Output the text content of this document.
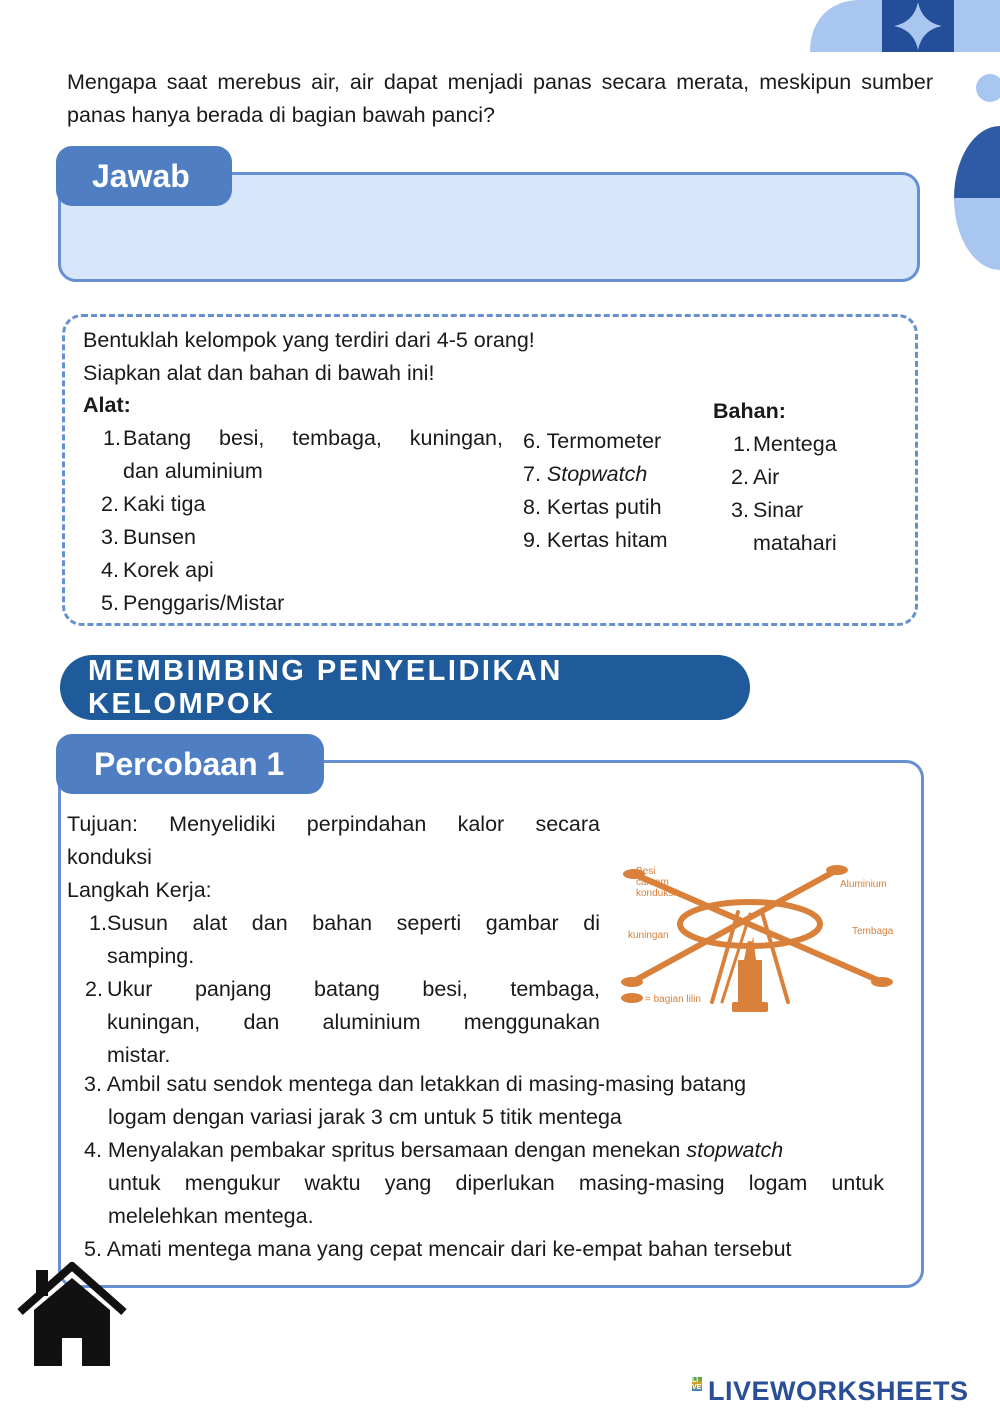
Mengapa saat merebus air, air dapat menjadi panas secara merata, meskipun sumber panas hanya berada di bagian bawah panci?
Jawab
Bentuklah kelompok yang terdiri dari 4-5 orang!
Siapkan alat dan bahan di bawah ini!
Alat:
1. Batang besi, tembaga, kuningan,
dan aluminium
2. Kaki tiga
3. Bunsen
4. Korek api
5. Penggaris/Mistar
6. Termometer
7. Stopwatch
8. Kertas putih
9. Kertas hitam
Bahan:
1. Mentega
2. Air
3. Sinar
matahari
MEMBIMBING PENYELIDIKAN KELOMPOK
Percobaan 1
Tujuan: Menyelidiki perpindahan kalor secara
konduksi
Langkah Kerja:
1. Susun alat dan bahan seperti gambar di
samping.
2. Ukur panjang batang besi, tembaga,
kuningan, dan aluminium menggunakan
mistar.
3. Ambil satu sendok mentega dan letakkan di masing-masing batang
logam dengan variasi jarak 3 cm untuk 5 titik mentega
4. Menyalakan pembakar spritus bersamaan dengan menekan stopwatch
untuk mengukur waktu yang diperlukan masing-masing logam untuk
melelehkan mentega.
5. Amati mentega mana yang cepat mencair dari ke-empat bahan tersebut
Besi
cakram
konduksi
kuningan
Aluminium
Tembaga
= bagian lilin
LIVE LIVEWORKSHEETS
